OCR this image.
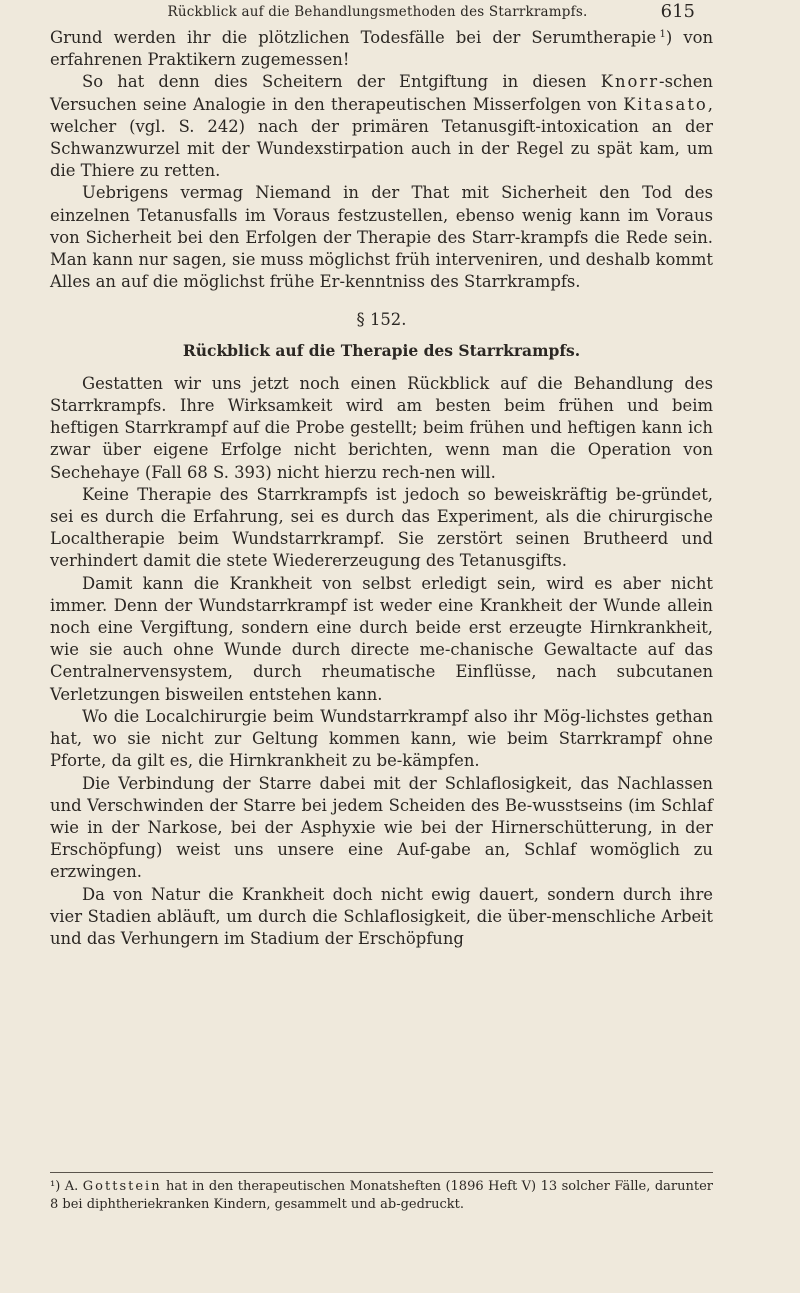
Rückblick auf die Behandlungsmethoden des Starrkrampfs.	615

Grund werden ihr die plötzlichen Todesfälle bei der Serumtherapie  $^1$) von erfahrenen Praktikern zugemessen!

So hat denn dies Scheitern der Entgiftung in diesen Knorr-schen Versuchen seine Analogie in den therapeutischen Misserfolgen von Kitasato, welcher (vgl. S. 242) nach der primären Tetanusgift-intoxication an der Schwanzwurzel mit der Wundexstirpation auch in der Regel zu spät kam, um die Thiere zu retten.

Uebrigens vermag Niemand in der That mit Sicherheit den Tod des einzelnen Tetanusfalls im Voraus festzustellen, ebenso wenig kann im Voraus von Sicherheit bei den Erfolgen der Therapie des Starr-krampfs die Rede sein. Man kann nur sagen, sie muss möglichst früh interveniren, und deshalb kommt Alles an auf die möglichst frühe Er-kenntniss des Starrkrampfs.

§ 152.
Rückblick auf die Therapie des Starrkrampfs.

Gestatten wir uns jetzt noch einen Rückblick auf die Behandlung des Starrkrampfs. Ihre Wirksamkeit wird am besten beim frühen und beim heftigen Starrkrampf auf die Probe gestellt; beim frühen und heftigen kann ich zwar über eigene Erfolge nicht berichten, wenn man die Operation von Sechehaye (Fall 68 S. 393) nicht hierzu rech-nen will.

Keine Therapie des Starrkrampfs ist jedoch so beweiskräftig be-gründet, sei es durch die Erfahrung, sei es durch das Experiment, als die chirurgische Localtherapie beim Wundstarrkrampf. Sie zerstört seinen Brutheerd und verhindert damit die stete Wiedererzeugung des Tetanusgifts.

Damit kann die Krankheit von selbst erledigt sein, wird es aber nicht immer. Denn der Wundstarrkrampf ist weder eine Krankheit der Wunde allein noch eine Vergiftung, sondern eine durch beide erst erzeugte Hirnkrankheit, wie sie auch ohne Wunde durch directe me-chanische Gewaltacte auf das Centralnervensystem, durch rheumatische Einflüsse, nach subcutanen Verletzungen bisweilen entstehen kann.

Wo die Localchirurgie beim Wundstarrkrampf also ihr Mög-lichstes gethan hat, wo sie nicht zur Geltung kommen kann, wie beim Starrkrampf ohne Pforte, da gilt es, die Hirnkrankheit zu be-kämpfen.

Die Verbindung der Starre dabei mit der Schlaflosigkeit, das Nachlassen und Verschwinden der Starre bei jedem Scheiden des Be-wusstseins (im Schlaf wie in der Narkose, bei der Asphyxie wie bei der Hirnerschütterung, in der Erschöpfung) weist uns unsere eine Auf-gabe an, Schlaf womöglich zu erzwingen.

Da von Natur die Krankheit doch nicht ewig dauert, sondern durch ihre vier Stadien abläuft, um durch die Schlaflosigkeit, die über-menschliche Arbeit und das Verhungern im Stadium der Erschöpfung

¹) A. Gottstein hat in den therapeutischen Monatsheften (1896 Heft V) 13 solcher Fälle, darunter 8 bei diphtheriekranken Kindern, gesammelt und ab-gedruckt.
